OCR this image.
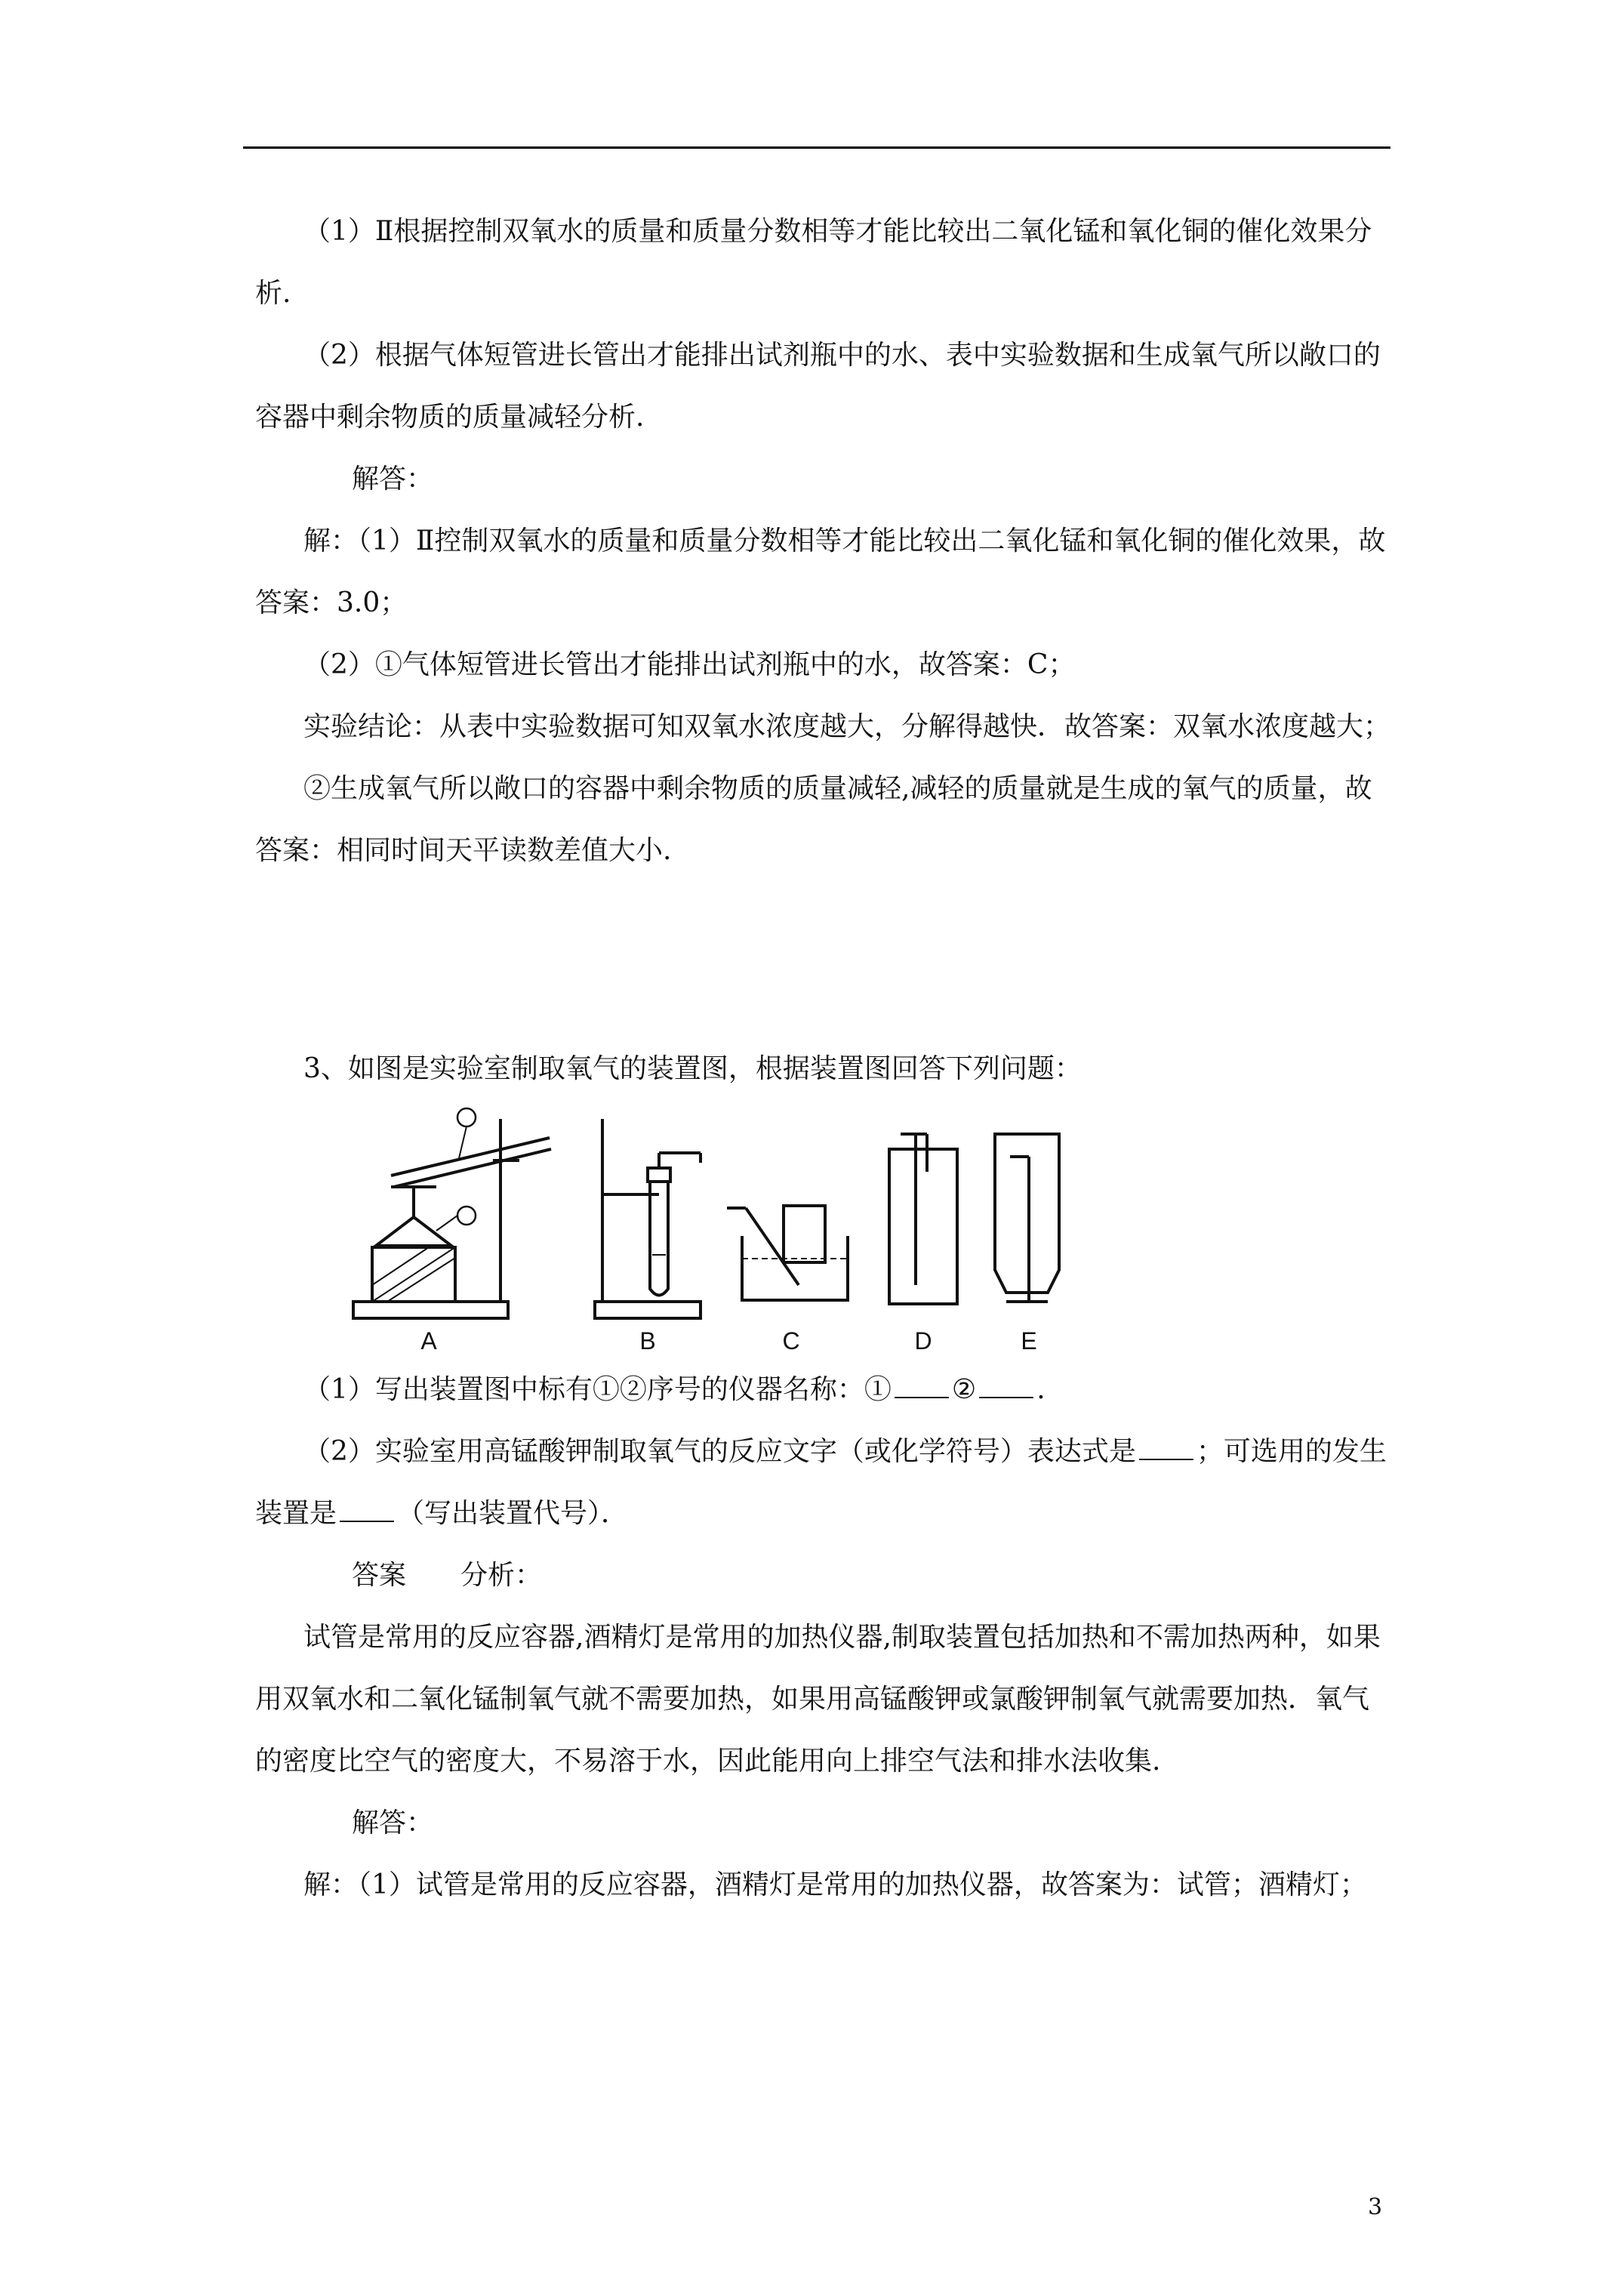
（1）Ⅱ根据控制双氧水的质量和质量分数相等才能比较出二氧化锰和氧化铜的催化效果分析.

（2）根据气体短管进长管出才能排出试剂瓶中的水、表中实验数据和生成氧气所以敞口的容器中剩余物质的质量减轻分析.

解答：

解：（1）Ⅱ控制双氧水的质量和质量分数相等才能比较出二氧化锰和氧化铜的催化效果，故答案：3.0；

（2）①气体短管进长管出才能排出试剂瓶中的水，故答案：C；

实验结论：从表中实验数据可知双氧水浓度越大，分解得越快．故答案：双氧水浓度越大；

②生成氧气所以敞口的容器中剩余物质的质量减轻,减轻的质量就是生成的氧气的质量，故答案：相同时间天平读数差值大小.

3、如图是实验室制取氧气的装置图，根据装置图回答下列问题：

A	B	C	D	E

（1）写出装置图中标有①②序号的仪器名称：① ② .

（2）实验室用高锰酸钾制取氧气的反应文字（或化学符号）表达式是 ；可选用的发生装置是 （写出装置代号）．

答案　　分析：

试管是常用的反应容器,酒精灯是常用的加热仪器,制取装置包括加热和不需加热两种，如果用双氧水和二氧化锰制氧气就不需要加热，如果用高锰酸钾或氯酸钾制氧气就需要加热．氧气的密度比空气的密度大，不易溶于水，因此能用向上排空气法和排水法收集.

解答：

解：（1）试管是常用的反应容器，酒精灯是常用的加热仪器，故答案为：试管；酒精灯；

3
